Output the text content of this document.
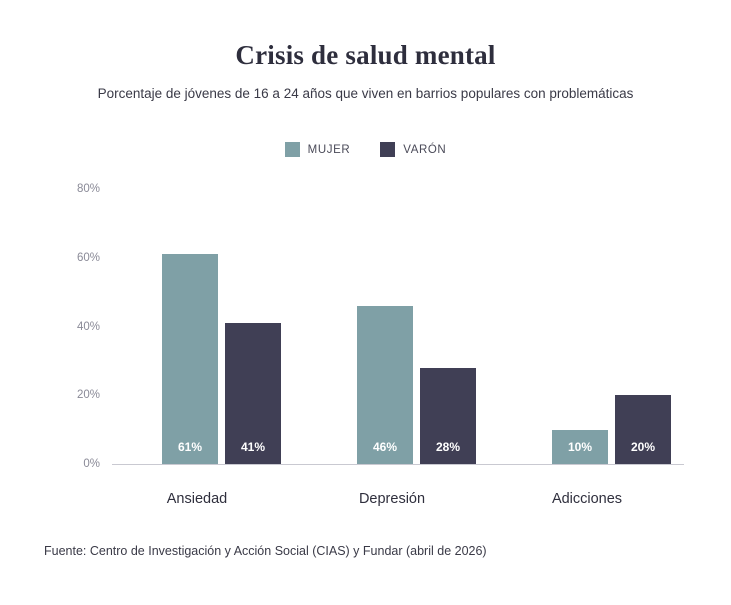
Crisis de salud mental

Porcentaje de jóvenes de 16 a 24 años que viven en barrios populares con problemáticas

MUJER	VARÓN
80%
60%
40%
20%
0%
61%	41%	46%	28%	10%	20%
Ansiedad	Depresión	Adicciones
Fuente: Centro de Investigación y Acción Social (CIAS) y Fundar (abril de 2026)
